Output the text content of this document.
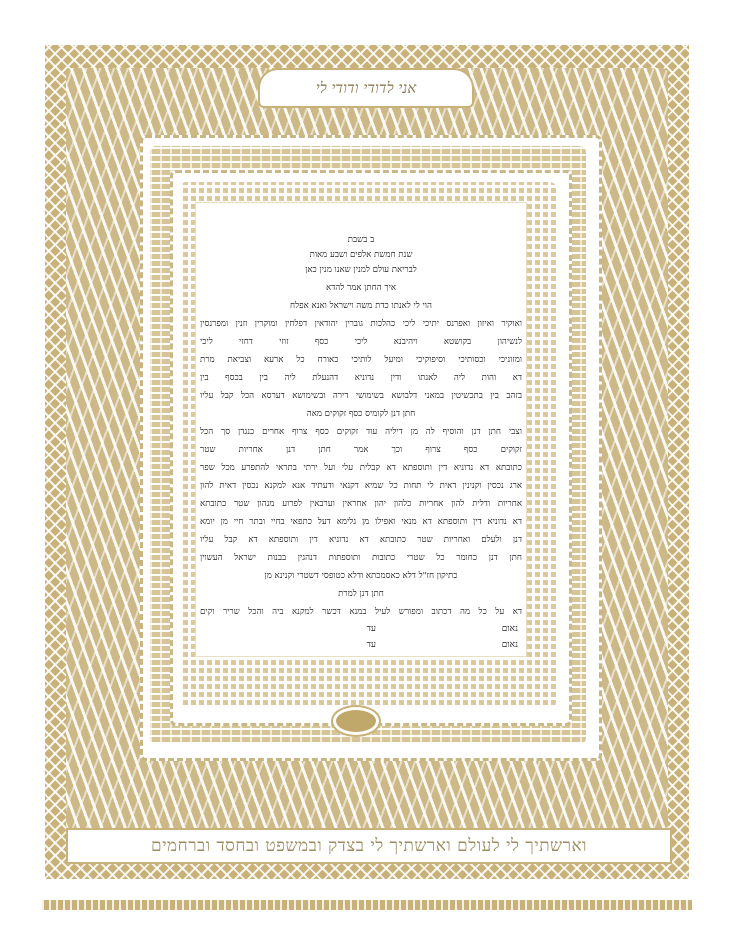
אני לדודי ודודי לי
ב בשבת
שנת חמשת אלפים ושבע מאות
לבריאת עולם למנין שאנו מנין כאן
איך החתן אמר להדא
הוי לי לאנתו כדת משה וישראל ואנא אפלח
ואוקיר ואיזון ואפרנס יתיכי ליכי כהלכות גוברין יהודאין דפלחין ומוקרין וזנין ומפרנסין
לנשיהון בקושטא ויהיבנא ליכי כסף זוזי דחזי ליכי
ומזוניכי וכסותיכי וסיפוקיכי ומיעל לותיכי כאורח כל ארעא וצביאת מרת
דא והות ליה לאנתו ודין נדוניא דהנעלת ליה בין בכסף בין
בזהב בין בתכשיטין במאני דלבושא בשימושי דירה ובשימושא דערסא הכל קבל עליו
חתן דנן לקומיס כסף זקוקים מאה
וצבי חתן דנן והוסיף לה מן דיליה עוד זקוקים כסף צרוף אחרים כנגדן סך הכל
זקוקים כסף צרוף וכך אמר חתן דנן אחריות שטר
כתובתא דא נדוניא דין ותוספתא דא קבלית עלי ועל ירתי בתראי להתפרע מכל שפר
ארג נכסין וקנינין דאית לי תחות כל שמיא דקנאי ודעתיד אנא למקנא נכסין דאית להון
אחריות ודלית להון אחריות כלהון יהון אחראין וערבאין לפרוע מנהון שטר כתובתא
דא נדוניא דין ותוספתא דא מנאי ואפילו מן גלימא דעל כתפאי בחיי ובתר חיי מן יומא
דנן ולעלם ואחריות שטר כתובתא דא נדוניא דין ותוספתא דא קבל עליו
חתן דנן כחומר כל שטרי כתובות ותוספתות דנהגין בבנות ישראל העשוין
כתיקון חז"ל דלא כאסמכתא ודלא כטופסי דשטרי וקנינא מן
חתן דנן למרת
דא על כל מה דכתוב ומפורש לעיל במנא דכשר למקנא ביה והכל שריר וקים
נאום
עד
נאום
עד
וארשתיך לי לעולם וארשתיך לי בצדק ובמשפט ובחסד וברחמים
